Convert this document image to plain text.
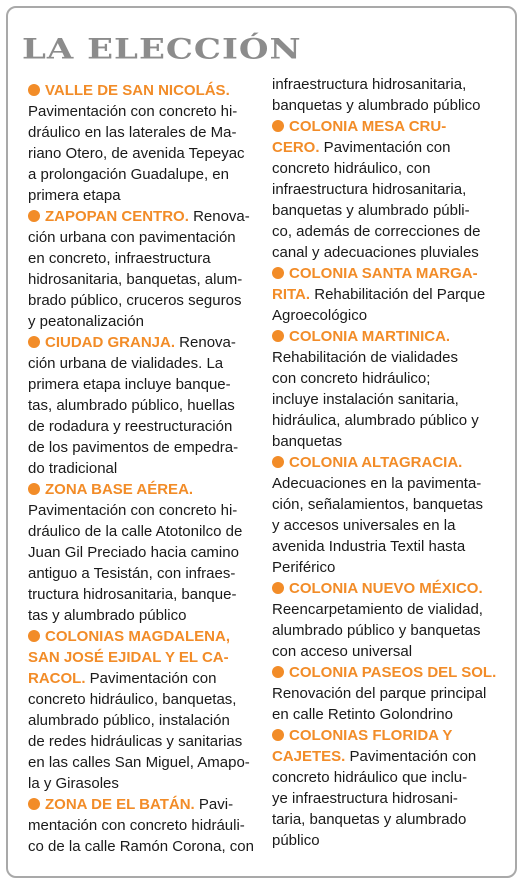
LA ELECCIÓN
VALLE DE SAN NICOLÁS.
Pavimentación con concreto hi-
dráulico en las laterales de Ma-
riano Otero, de avenida Tepeyac
a prolongación Guadalupe, en
primera etapa
ZAPOPAN CENTRO. Renova-
ción urbana con pavimentación
en concreto, infraestructura
hidrosanitaria, banquetas, alum-
brado público, cruceros seguros
y peatonalización
CIUDAD GRANJA. Renova-
ción urbana de vialidades. La
primera etapa incluye banque-
tas, alumbrado público, huellas
de rodadura y reestructuración
de los pavimentos de empedra-
do tradicional
ZONA BASE AÉREA.
Pavimentación con concreto hi-
dráulico de la calle Atotonilco de
Juan Gil Preciado hacia camino
antiguo a Tesistán, con infraes-
tructura hidrosanitaria, banque-
tas y alumbrado público
COLONIAS MAGDALENA,
SAN JOSÉ EJIDAL Y EL CA-
RACOL. Pavimentación con
concreto hidráulico, banquetas,
alumbrado público, instalación
de redes hidráulicas y sanitarias
en las calles San Miguel, Amapo-
la y Girasoles
ZONA DE EL BATÁN. Pavi-
mentación con concreto hidráuli-
co de la calle Ramón Corona, con
infraestructura hidrosanitaria,
banquetas y alumbrado público
COLONIA MESA CRU-
CERO. Pavimentación con
concreto hidráulico, con
infraestructura hidrosanitaria,
banquetas y alumbrado públi-
co, además de correcciones de
canal y adecuaciones pluviales
COLONIA SANTA MARGA-
RITA. Rehabilitación del Parque
Agroecológico
COLONIA MARTINICA.
Rehabilitación de vialidades
con concreto hidráulico;
incluye instalación sanitaria,
hidráulica, alumbrado público y
banquetas
COLONIA ALTAGRACIA.
Adecuaciones en la pavimenta-
ción, señalamientos, banquetas
y accesos universales en la
avenida Industria Textil hasta
Periférico
COLONIA NUEVO MÉXICO.
Reencarpetamiento de vialidad,
alumbrado público y banquetas
con acceso universal
COLONIA PASEOS DEL SOL.
Renovación del parque principal
en calle Retinto Golondrino
COLONIAS FLORIDA Y
CAJETES. Pavimentación con
concreto hidráulico que inclu-
ye infraestructura hidrosani-
taria, banquetas y alumbrado
público
